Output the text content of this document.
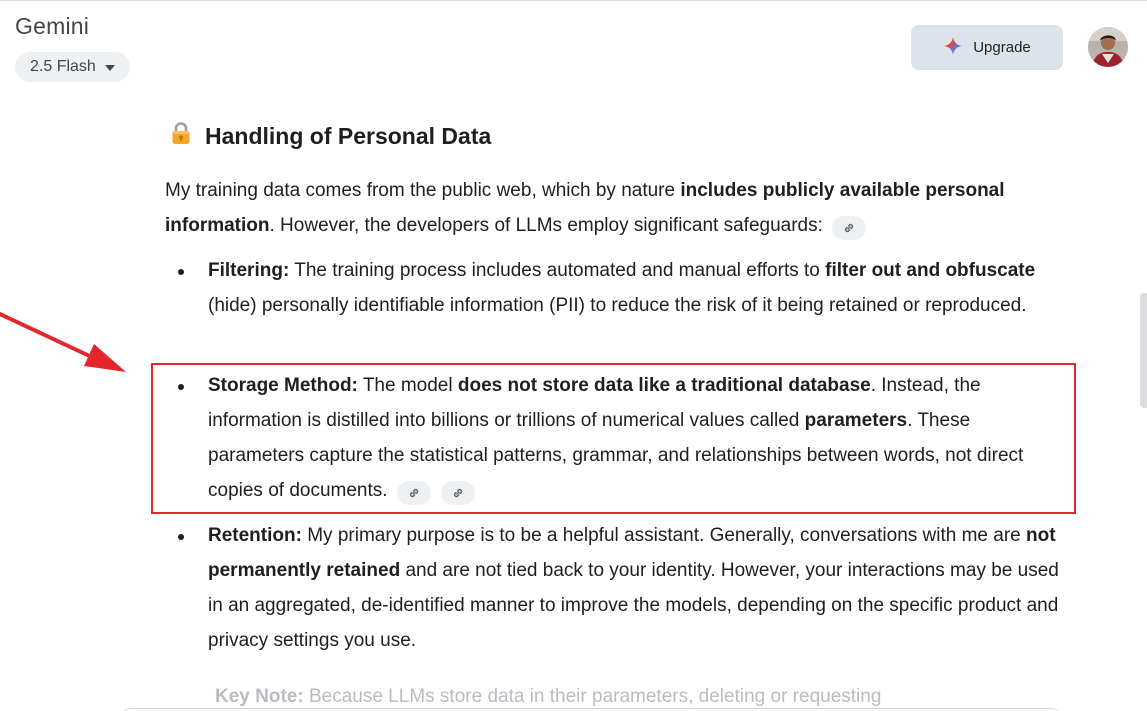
Gemini
2.5 Flash
Upgrade
Handling of Personal Data
My training data comes from the public web, which by nature includes publicly available personal information. However, the developers of LLMs employ significant safeguards:
Filtering: The training process includes automated and manual efforts to filter out and obfuscate (hide) personally identifiable information (PII) to reduce the risk of it being retained or reproduced.
Storage Method: The model does not store data like a traditional database. Instead, the information is distilled into billions or trillions of numerical values called parameters. These parameters capture the statistical patterns, grammar, and relationships between words, not direct copies of documents.
Retention: My primary purpose is to be a helpful assistant. Generally, conversations with me are not permanently retained and are not tied back to your identity. However, your interactions may be used in an aggregated, de-identified manner to improve the models, depending on the specific product and privacy settings you use.
Key Note: Because LLMs store data in their parameters, deleting or requesting
